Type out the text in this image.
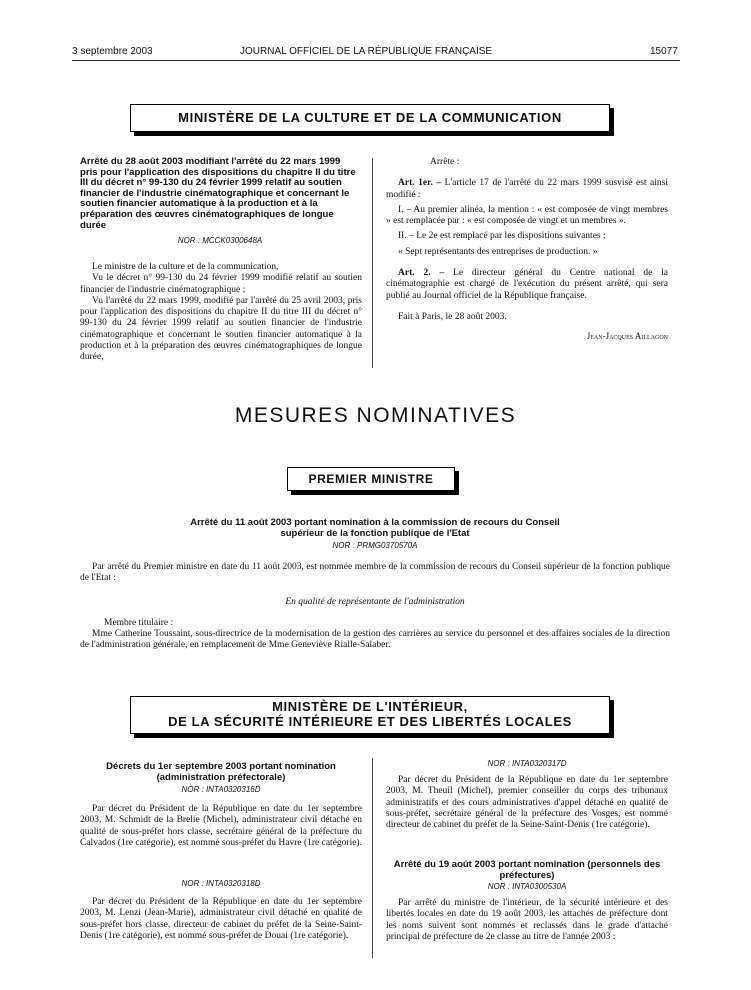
3 septembre 2003	JOURNAL OFFICIEL DE LA RÉPUBLIQUE FRANÇAISE	15077
MINISTÈRE DE LA CULTURE ET DE LA COMMUNICATION
Arrêté du 28 août 2003 modifiant l'arrêté du 22 mars 1999 pris pour l'application des dispositions du chapitre II du titre III du décret n° 99-130 du 24 février 1999 relatif au soutien financier de l'industrie cinématographique et concernant le soutien financier automatique à la production et à la préparation des œuvres cinématographiques de longue durée
NOR : MCCK0300648A

Le ministre de la culture et de la communication,

Vu le décret n° 99-130 du 24 février 1999 modifié relatif au soutien financier de l'industrie cinématographique ;

Vu l'arrêté du 22 mars 1999, modifié par l'arrêté du 25 avril 2003, pris pour l'application des dispositions du chapitre II du titre III du décret n° 99-130 du 24 février 1999 relatif au soutien financier de l'industrie cinématographique et concernant le soutien financier automatique à la production et à la préparation des œuvres cinématographiques de longue durée,

Arrête :

Art. 1er. – L'article 17 de l'arrêté du 22 mars 1999 susvisé est ainsi modifié :

I. – Au premier alinéa, la mention : « est composée de vingt membres » est remplacée par : « est composée de vingt et un membres ».

II. – Le 2e est remplacé par les dispositions suivantes :

« Sept représentants des entreprises de production. »

Art. 2. – Le directeur général du Centre national de la cinématographie est chargé de l'exécution du présent arrêté, qui sera publié au Journal officiel de la République française.

Fait à Paris, le 28 août 2003.

Jean-Jacques Aillagon

MESURES NOMINATIVES
PREMIER MINISTRE
Arrêté du 11 août 2003 portant nomination à la commission de recours du Conseil supérieur de la fonction publique de l'Etat
NOR : PRMG0370570A

Par arrêté du Premier ministre en date du 11 août 2003, est nommée membre de la commission de recours du Conseil supérieur de la fonction publique de l'Etat :

En qualité de représentante de l'administration

Membre titulaire :

Mme Catherine Toussaint, sous-directrice de la modernisation de la gestion des carrières au service du personnel et des affaires sociales de la direction de l'administration générale, en remplacement de Mme Geneviève Rialle-Salaber.

MINISTÈRE DE L'INTÉRIEUR,
DE LA SÉCURITÉ INTÉRIEURE ET DES LIBERTÉS LOCALES
Décrets du 1er septembre 2003 portant nomination (administration préfectorale)
NOR : INTA0320316D

Par décret du Président de la République en date du 1er septembre 2003, M. Schmidt de la Brelie (Michel), administrateur civil détaché en qualité de sous-préfet hors classe, secrétaire général de la préfecture du Calvados (1re catégorie), est nommé sous-préfet du Havre (1re catégorie).

NOR : INTA0320318D

Par décret du Président de la République en date du 1er septembre 2003, M. Lenzi (Jean-Marie), administrateur civil détaché en qualité de sous-préfet hors classe, directeur de cabinet du préfet de la Seine-Saint-Denis (1re catégorie), est nommé sous-préfet de Douai (1re catégorie).

NOR : INTA0320317D

Par décret du Président de la République en date du 1er septembre 2003, M. Theuil (Michel), premier conseiller du corps des tribunaux administratifs et des cours administratives d'appel détaché en qualité de sous-préfet, secrétaire général de la préfecture des Vosges, est nommé directeur de cabinet du préfet de la Seine-Saint-Denis (1re catégorie).

Arrêté du 19 août 2003 portant nomination (personnels des préfectures)
NOR : INTA0300530A

Par arrêté du ministre de l'intérieur, de la sécurité intérieure et des libertés locales en date du 19 août 2003, les attachés de préfecture dont les noms suivent sont nommés et reclassés dans le grade d'attaché principal de préfecture de 2e classe au titre de l'année 2003 :
